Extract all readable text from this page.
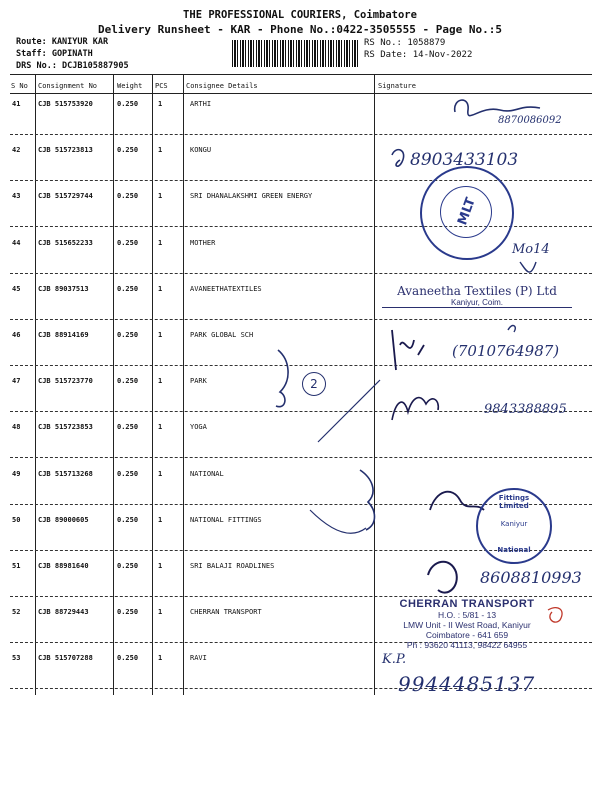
THE PROFESSIONAL COURIERS, Coimbatore
Delivery Runsheet - KAR - Phone No.:0422-3505555 - Page No.:5
Route: KANIYUR KAR
Staff: GOPINATH
DRS No.: DCJB105887905
RS No.: 1058879
RS Date: 14-Nov-2022
S No Consignment No	Weight PCS	Consignee Details	Signature
41	CJB 515753920	0.250	1	ARTHI
42	CJB 515723813	0.250	1	KONGU
43	CJB 515729744	0.250	1	SRI DHANALAKSHMI GREEN ENERGY
44	CJB 515652233	0.250	1	MOTHER
45	CJB 89037513	0.250	1	AVANEETHATEXTILES
46	CJB 88914169	0.250	1	PARK GLOBAL SCH
47	CJB 515723770	0.250	1	PARK
48	CJB 515723853	0.250	1	YOGA
49	CJB 515713268	0.250	1	NATIONAL
50	CJB 89000605	0.250	1	NATIONAL FITTINGS
51	CJB 88981640	0.250	1	SRI BALAJI ROADLINES
52	CJB 88729443	0.250	1	CHERRAN TRANSPORT
53	CJB 515707288	0.250	1	RAVI
8870086092
8903433103
Mo14
(7010764987)
2
9843388895
8608810993
K.P.
9944485137
MLT
Avaneetha Textiles (P) Ltd
Kaniyur, Coim.
Fittings Limited
Kaniyur
National
CHERRAN TRANSPORT
H.O. : 5/81 - 13
LMW Unit - II West Road, Kaniyur
Coimbatore - 641 659
Ph : 93620 41113, 98422 64955
